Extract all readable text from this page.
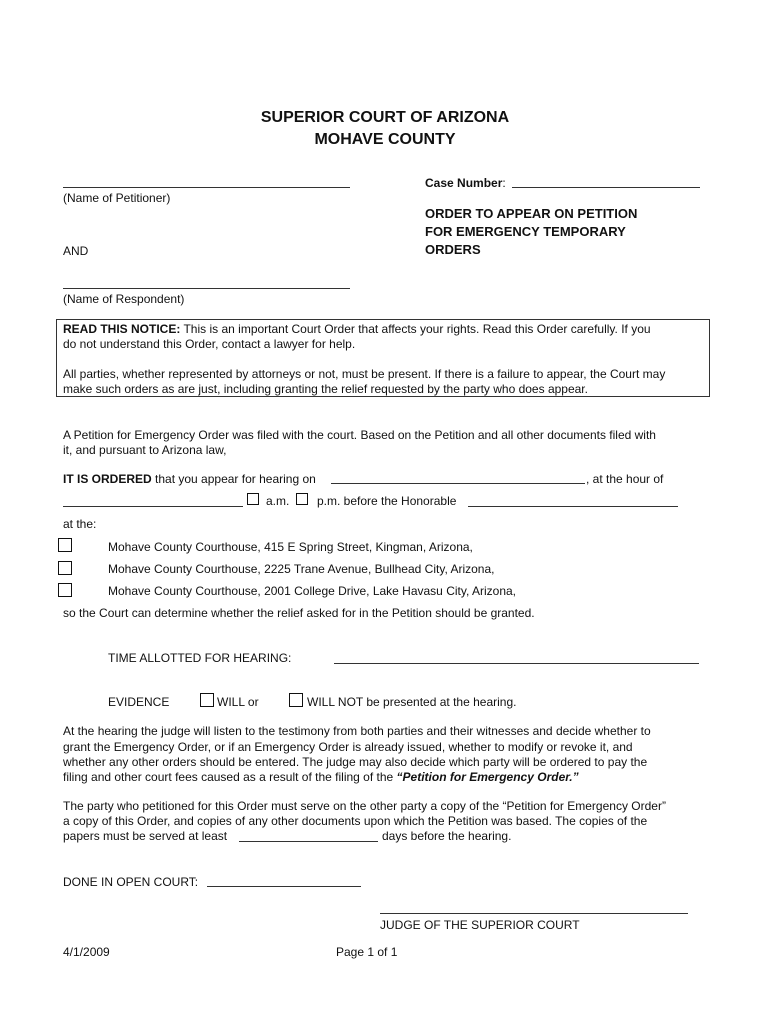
SUPERIOR COURT OF ARIZONA
MOHAVE COUNTY
(Name of Petitioner)
Case Number:
ORDER TO APPEAR ON PETITION
FOR EMERGENCY TEMPORARY
ORDERS
AND
(Name of Respondent)
READ THIS NOTICE: This is an important Court Order that affects your rights. Read this Order carefully. If you
do not understand this Order, contact a lawyer for help.
All parties, whether represented by attorneys or not, must be present. If there is a failure to appear, the Court may
make such orders as are just, including granting the relief requested by the party who does appear.
A Petition for Emergency Order was filed with the court. Based on the Petition and all other documents filed with
it, and pursuant to Arizona law,
IT IS ORDERED that you appear for hearing on	, at the hour of
a.m. p.m. before the Honorable
at the:
Mohave County Courthouse, 415 E Spring Street, Kingman, Arizona,
Mohave County Courthouse, 2225 Trane Avenue, Bullhead City, Arizona,
Mohave County Courthouse, 2001 College Drive, Lake Havasu City, Arizona,
so the Court can determine whether the relief asked for in the Petition should be granted.
TIME ALLOTTED FOR HEARING:
EVIDENCE	WILL or	WILL NOT be presented at the hearing.
At the hearing the judge will listen to the testimony from both parties and their witnesses and decide whether to
grant the Emergency Order, or if an Emergency Order is already issued, whether to modify or revoke it, and
whether any other orders should be entered. The judge may also decide which party will be ordered to pay the
filing and other court fees caused as a result of the filing of the “Petition for Emergency Order.”
The party who petitioned for this Order must serve on the other party a copy of the “Petition for Emergency Order”
a copy of this Order, and copies of any other documents upon which the Petition was based. The copies of the
papers must be served at least	days before the hearing.
DONE IN OPEN COURT:
JUDGE OF THE SUPERIOR COURT
4/1/2009	Page 1 of 1
